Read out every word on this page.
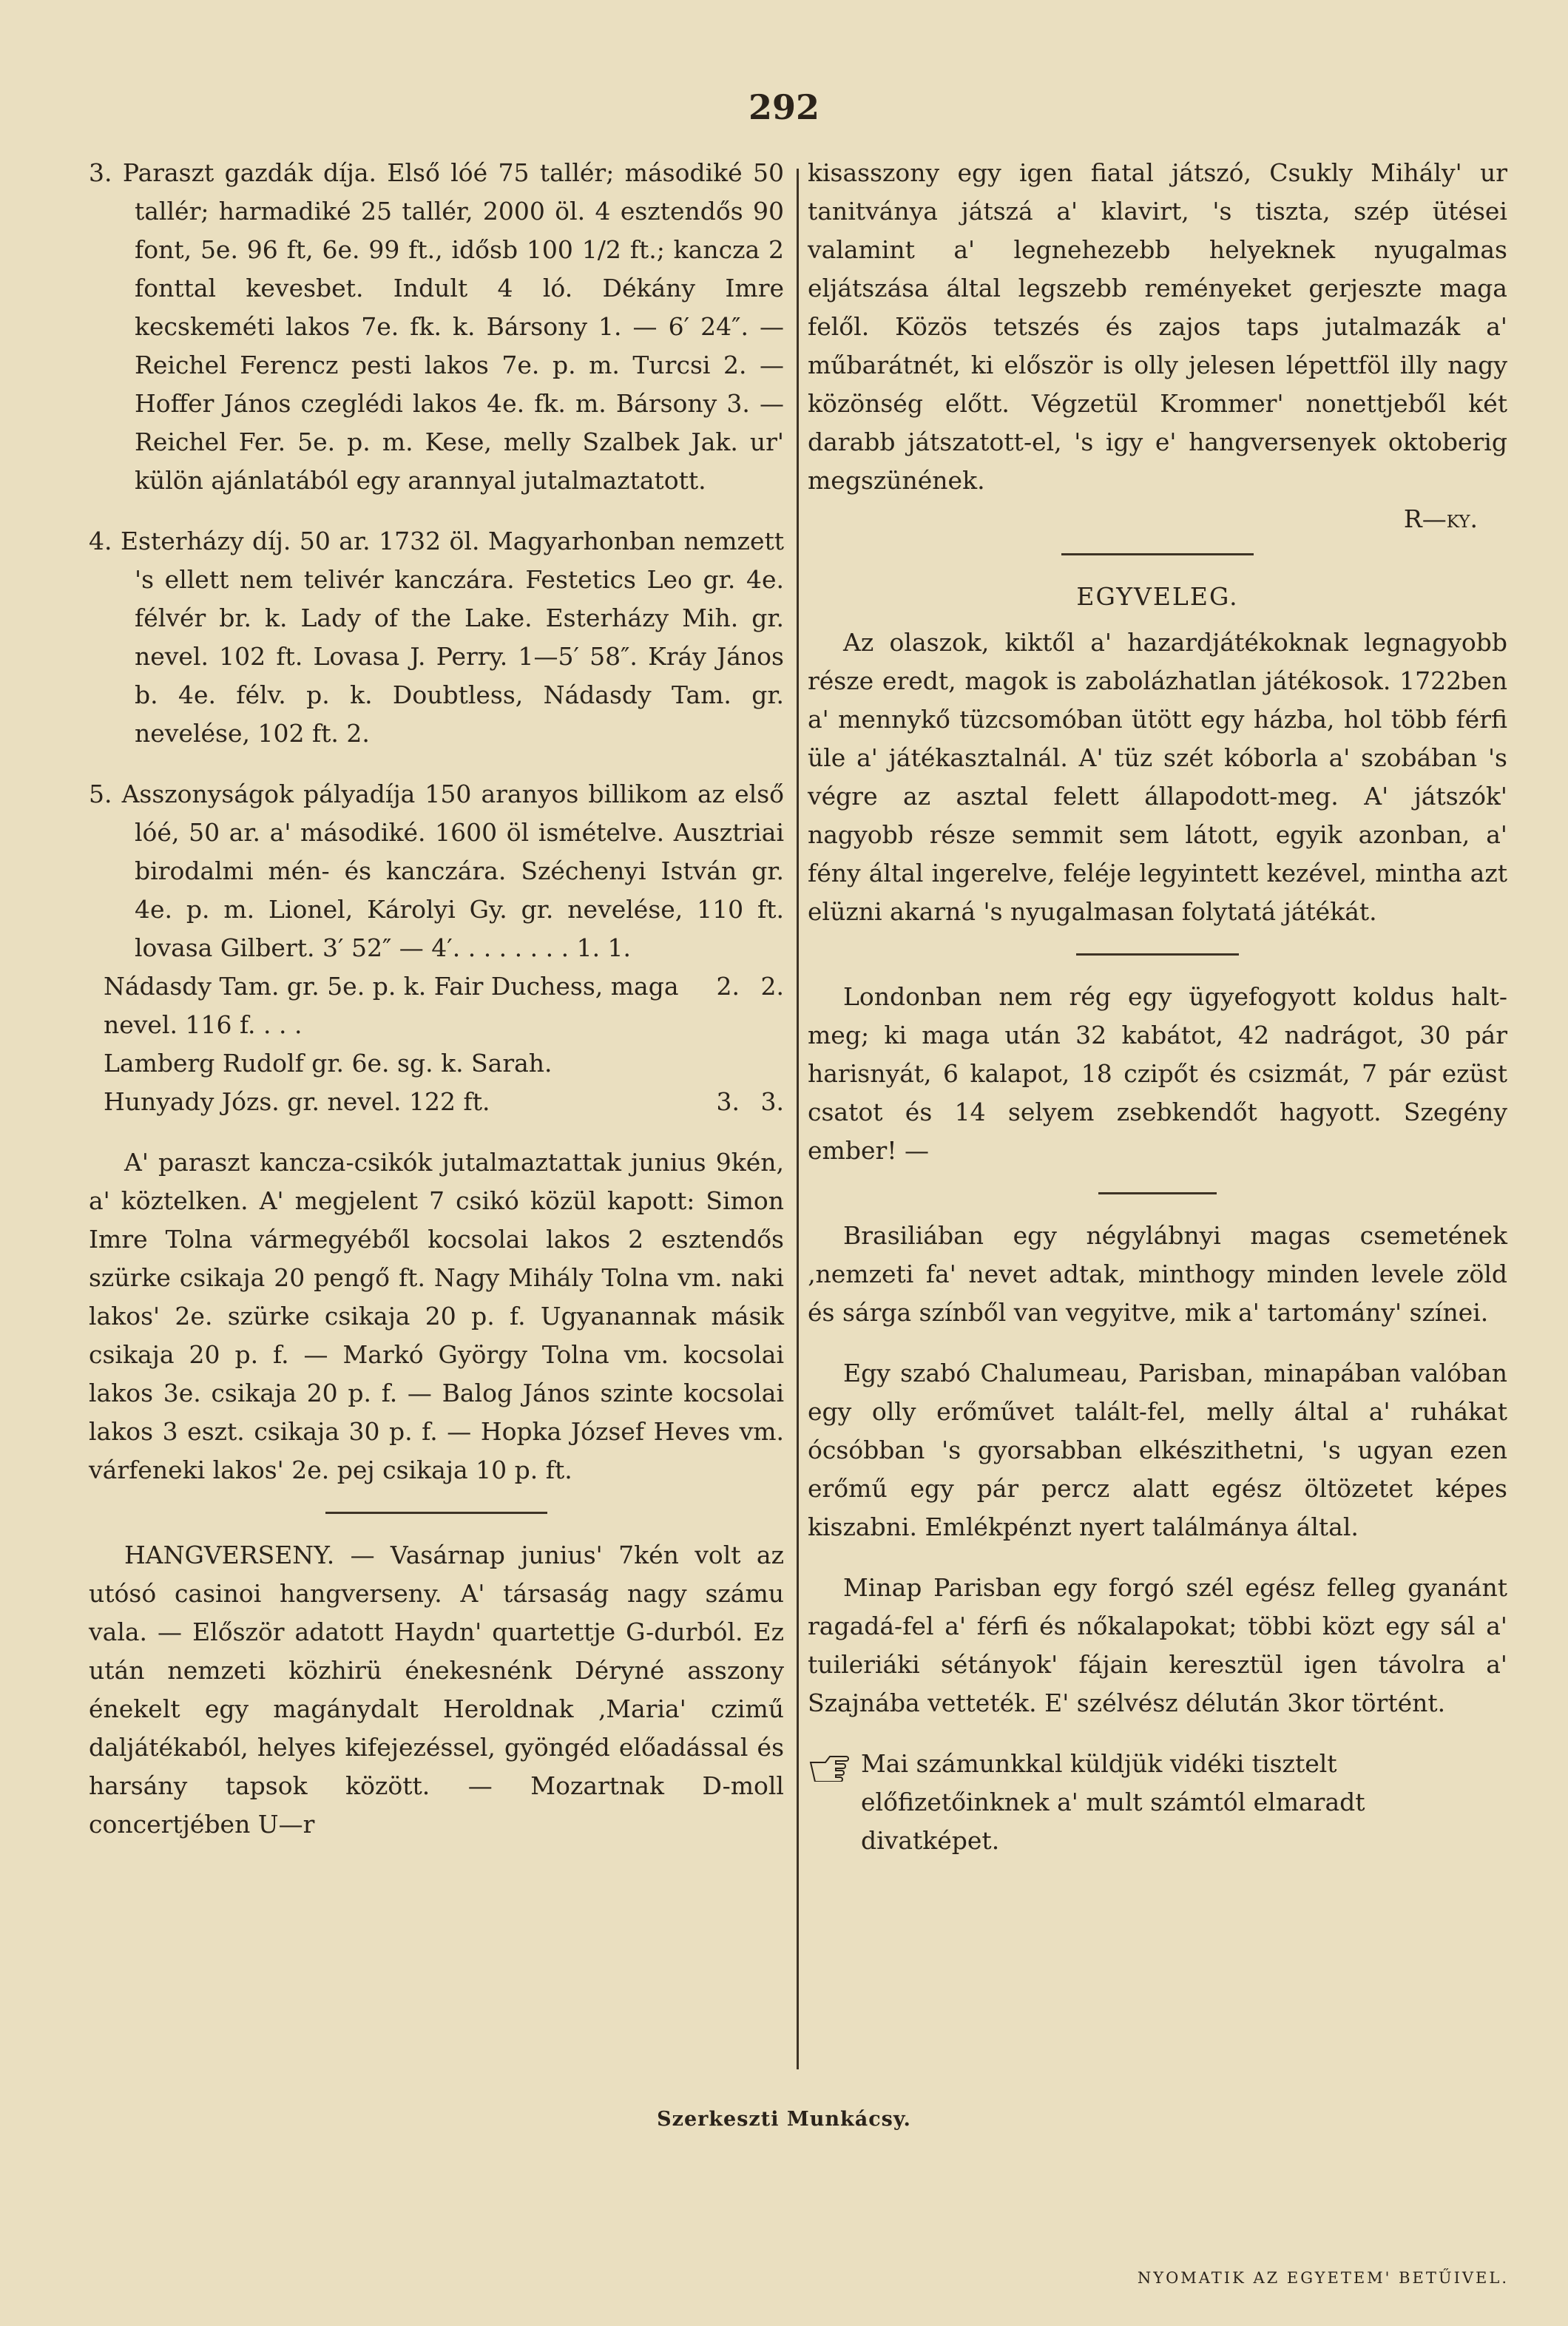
292

3. Paraszt gazdák díja. Első lóé 75 tallér; másodiké 50 tallér; harmadiké 25 tallér, 2000 öl. 4 esztendős 90 font, 5e. 96 ft, 6e. 99 ft., idősb 100 1/2 ft.; kancza 2 fonttal kevesbet. Indult 4 ló. Dékány Imre kecskeméti lakos 7e. fk. k. Bársony 1. — 6′ 24″. — Reichel Ferencz pesti lakos 7e. p. m. Turcsi 2. — Hoffer János czeglédi lakos 4e. fk. m. Bársony 3. — Reichel Fer. 5e. p. m. Kese, melly Szalbek Jak. ur' külön ajánlatából egy arannyal jutalmaztatott.

4. Esterházy díj. 50 ar. 1732 öl. Magyarhonban nemzett 's ellett nem telivér kanczára. Festetics Leo gr. 4e. félvér br. k. Lady of the Lake. Esterházy Mih. gr. nevel. 102 ft. Lovasa J. Perry. 1—5′ 58″. Kráy János b. 4e. félv. p. k. Doubtless, Nádasdy Tam. gr. nevelése, 102 ft. 2.

5. Asszonyságok pályadíja 150 aranyos billikom az első lóé, 50 ar. a' másodiké. 1600 öl ismételve. Ausztriai birodalmi mén- és kanczára. Széchenyi István gr. 4e. p. m. Lionel, Károlyi Gy. gr. nevelése, 110 ft. lovasa Gilbert. 3′ 52″ — 4′. . . . . . . . 1. 1.

Nádasdy Tam. gr. 5e. p. k. Fair Duchess, maga nevel. 116 f. . . .
2. 2.
Lamberg Rudolf gr. 6e. sg. k. Sarah.
Hunyady Józs. gr. nevel. 122 ft.	3. 3.

A' paraszt kancza-csikók jutalmaztattak junius 9kén, a' köztelken. A' megjelent 7 csikó közül kapott: Simon Imre Tolna vármegyéből kocsolai lakos 2 esztendős szürke csikaja 20 pengő ft. Nagy Mihály Tolna vm. naki lakos' 2e. szürke csikaja 20 p. f. Ugyanannak másik csikaja 20 p. f. — Markó György Tolna vm. kocsolai lakos 3e. csikaja 20 p. f. — Balog János szinte kocsolai lakos 3 eszt. csikaja 30 p. f. — Hopka József Heves vm. várfeneki lakos' 2e. pej csikaja 10 p. ft.

HANGVERSENY. — Vasárnap junius' 7kén volt az utósó casinoi hangverseny. A' társaság nagy számu vala. — Először adatott Haydn' quartettje G-durból. Ez után nemzeti közhirü énekesnénk Déryné asszony énekelt egy magánydalt Heroldnak ‚Maria' czimű daljátékaból, helyes kifejezéssel, gyöngéd előadással és harsány tapsok között. — Mozartnak D-moll concertjében U—r

kisasszony egy igen fiatal játszó, Csukly Mihály' ur tanitványa játszá a' klavirt, 's tiszta, szép ütései valamint a' legnehezebb helyeknek nyugalmas eljátszása által legszebb reményeket gerjeszte maga felől. Közös tetszés és zajos taps jutalmazák a' műbarátnét, ki először is olly jelesen lépettföl illy nagy közönség előtt. Végzetül Krommer' nonettjeből két darabb játszatott-el, 's igy e' hangversenyek oktoberig megszünének.

R—ky.
EGYVELEG.

Az olaszok, kiktől a' hazardjátékoknak legnagyobb része eredt, magok is zabolázhatlan játékosok. 1722ben a' mennykő tüzcsomóban ütött egy házba, hol több férfi üle a' játékasztalnál. A' tüz szét kóborla a' szobában 's végre az asztal felett állapodott-meg. A' játszók' nagyobb része semmit sem látott, egyik azonban, a' fény által ingerelve, feléje legyintett kezével, mintha azt elüzni akarná 's nyugalmasan folytatá játékát.

Londonban nem rég egy ügyefogyott koldus halt-meg; ki maga után 32 kabátot, 42 nadrágot, 30 pár harisnyát, 6 kalapot, 18 czipőt és csizmát, 7 pár ezüst csatot és 14 selyem zsebkendőt hagyott. Szegény ember! —

Brasiliában egy négylábnyi magas csemetének ‚nemzeti fa' nevet adtak, minthogy minden levele zöld és sárga színből van vegyitve, mik a' tartomány' színei.

Egy szabó Chalumeau, Parisban, minapában valóban egy olly erőművet talált-fel, melly által a' ruhákat ócsóbban 's gyorsabban elkészithetni, 's ugyan ezen erőmű egy pár percz alatt egész öltözetet képes kiszabni. Emlékpénzt nyert találmánya által.

Minap Parisban egy forgó szél egész felleg gyanánt ragadá-fel a' férfi és nőkalapokat; többi közt egy sál a' tuileriáki sétányok' fájain keresztül igen távolra a' Szajnába vetteték. E' szélvész délután 3kor történt.

Mai számunkkal küldjük vidéki tisztelt előfizetőinknek a' mult számtól elmaradt divatképet.
Szerkeszti Munkácsy.
NYOMATIK AZ EGYETEM' BETŰIVEL.
